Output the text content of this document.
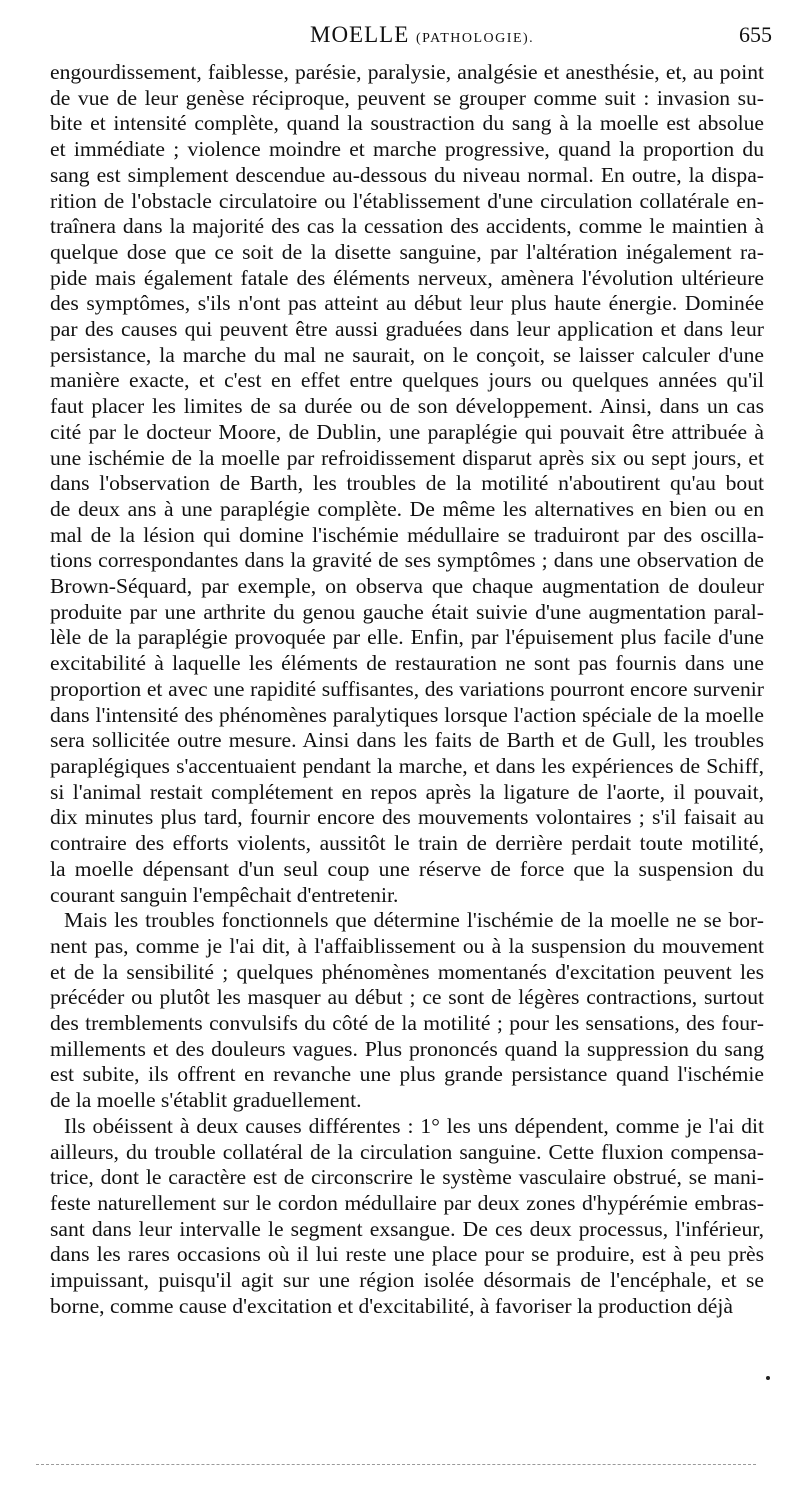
MOELLE (PATHOLOGIE).	655
engourdissement, faiblesse, parésie, paralysie, analgésie et anesthésie, et, au point
de vue de leur genèse réciproque, peuvent se grouper comme suit : invasion su-
bite et intensité complète, quand la soustraction du sang à la moelle est absolue
et immédiate ; violence moindre et marche progressive, quand la proportion du
sang est simplement descendue au-dessous du niveau normal. En outre, la dispa-
rition de l'obstacle circulatoire ou l'établissement d'une circulation collatérale en-
traînera dans la majorité des cas la cessation des accidents, comme le maintien à
quelque dose que ce soit de la disette sanguine, par l'altération inégalement ra-
pide mais également fatale des éléments nerveux, amènera l'évolution ultérieure
des symptômes, s'ils n'ont pas atteint au début leur plus haute énergie. Dominée
par des causes qui peuvent être aussi graduées dans leur application et dans leur
persistance, la marche du mal ne saurait, on le conçoit, se laisser calculer d'une
manière exacte, et c'est en effet entre quelques jours ou quelques années qu'il
faut placer les limites de sa durée ou de son développement. Ainsi, dans un cas
cité par le docteur Moore, de Dublin, une paraplégie qui pouvait être attribuée à
une ischémie de la moelle par refroidissement disparut après six ou sept jours, et
dans l'observation de Barth, les troubles de la motilité n'aboutirent qu'au bout
de deux ans à une paraplégie complète. De même les alternatives en bien ou en
mal de la lésion qui domine l'ischémie médullaire se traduiront par des oscilla-
tions correspondantes dans la gravité de ses symptômes ; dans une observation de
Brown-Séquard, par exemple, on observa que chaque augmentation de douleur
produite par une arthrite du genou gauche était suivie d'une augmentation paral-
lèle de la paraplégie provoquée par elle. Enfin, par l'épuisement plus facile d'une
excitabilité à laquelle les éléments de restauration ne sont pas fournis dans une
proportion et avec une rapidité suffisantes, des variations pourront encore survenir
dans l'intensité des phénomènes paralytiques lorsque l'action spéciale de la moelle
sera sollicitée outre mesure. Ainsi dans les faits de Barth et de Gull, les troubles
paraplégiques s'accentuaient pendant la marche, et dans les expériences de Schiff,
si l'animal restait complétement en repos après la ligature de l'aorte, il pouvait,
dix minutes plus tard, fournir encore des mouvements volontaires ; s'il faisait au
contraire des efforts violents, aussitôt le train de derrière perdait toute motilité,
la moelle dépensant d'un seul coup une réserve de force que la suspension du
courant sanguin l'empêchait d'entretenir.
Mais les troubles fonctionnels que détermine l'ischémie de la moelle ne se bor-
nent pas, comme je l'ai dit, à l'affaiblissement ou à la suspension du mouvement
et de la sensibilité ; quelques phénomènes momentanés d'excitation peuvent les
précéder ou plutôt les masquer au début ; ce sont de légères contractions, surtout
des tremblements convulsifs du côté de la motilité ; pour les sensations, des four-
millements et des douleurs vagues. Plus prononcés quand la suppression du sang
est subite, ils offrent en revanche une plus grande persistance quand l'ischémie
de la moelle s'établit graduellement.
Ils obéissent à deux causes différentes : 1° les uns dépendent, comme je l'ai dit
ailleurs, du trouble collatéral de la circulation sanguine. Cette fluxion compensa-
trice, dont le caractère est de circonscrire le système vasculaire obstrué, se mani-
feste naturellement sur le cordon médullaire par deux zones d'hypérémie embras-
sant dans leur intervalle le segment exsangue. De ces deux processus, l'inférieur,
dans les rares occasions où il lui reste une place pour se produire, est à peu près
impuissant, puisqu'il agit sur une région isolée désormais de l'encéphale, et se
borne, comme cause d'excitation et d'excitabilité, à favoriser la production déjà
